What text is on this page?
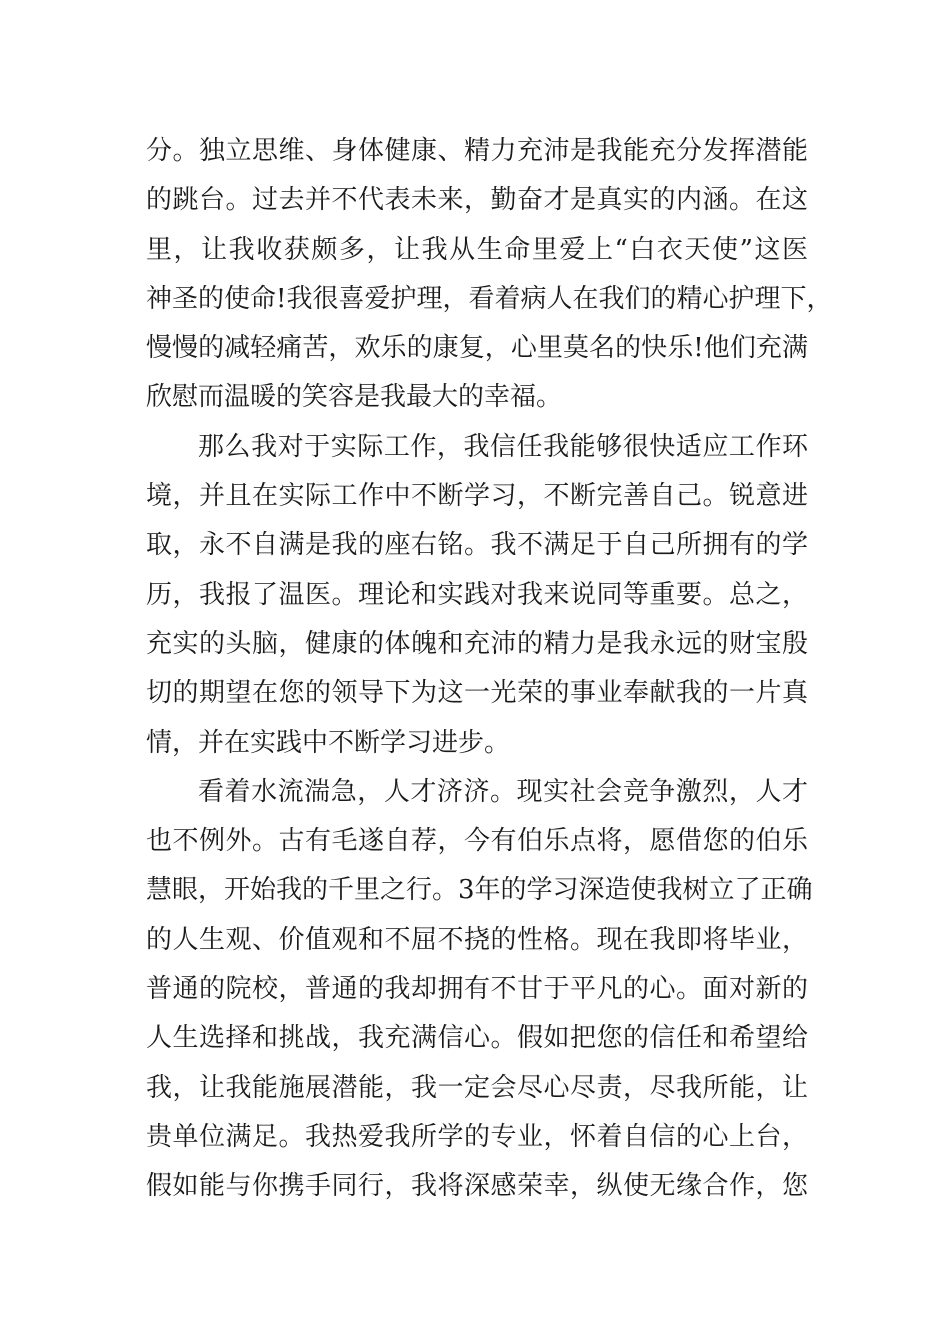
分。独立思维、身体健康、精力充沛是我能充分发挥潜能
的跳台。过去并不代表未来，勤奋才是真实的内涵。在这
里，让我收获颇多，让我从生命里爱上“白衣天使”这医
神圣的使命!我很喜爱护理，看着病人在我们的精心护理下，
慢慢的减轻痛苦，欢乐的康复，心里莫名的快乐!他们充满
欣慰而温暖的笑容是我最大的幸福。
那么我对于实际工作，我信任我能够很快适应工作环
境，并且在实际工作中不断学习，不断完善自己。锐意进
取，永不自满是我的座右铭。我不满足于自己所拥有的学
历，我报了温医。理论和实践对我来说同等重要。总之，
充实的头脑，健康的体魄和充沛的精力是我永远的财宝殷
切的期望在您的领导下为这一光荣的事业奉献我的一片真
情，并在实践中不断学习进步。
看着水流湍急，人才济济。现实社会竞争激烈，人才
也不例外。古有毛遂自荐，今有伯乐点将，愿借您的伯乐
慧眼，开始我的千里之行。3年的学习深造使我树立了正确
的人生观、价值观和不屈不挠的性格。现在我即将毕业，
普通的院校，普通的我却拥有不甘于平凡的心。面对新的
人生选择和挑战，我充满信心。假如把您的信任和希望给
我，让我能施展潜能，我一定会尽心尽责，尽我所能，让
贵单位满足。我热爱我所学的专业，怀着自信的心上台，
假如能与你携手同行，我将深感荣幸，纵使无缘合作，您
